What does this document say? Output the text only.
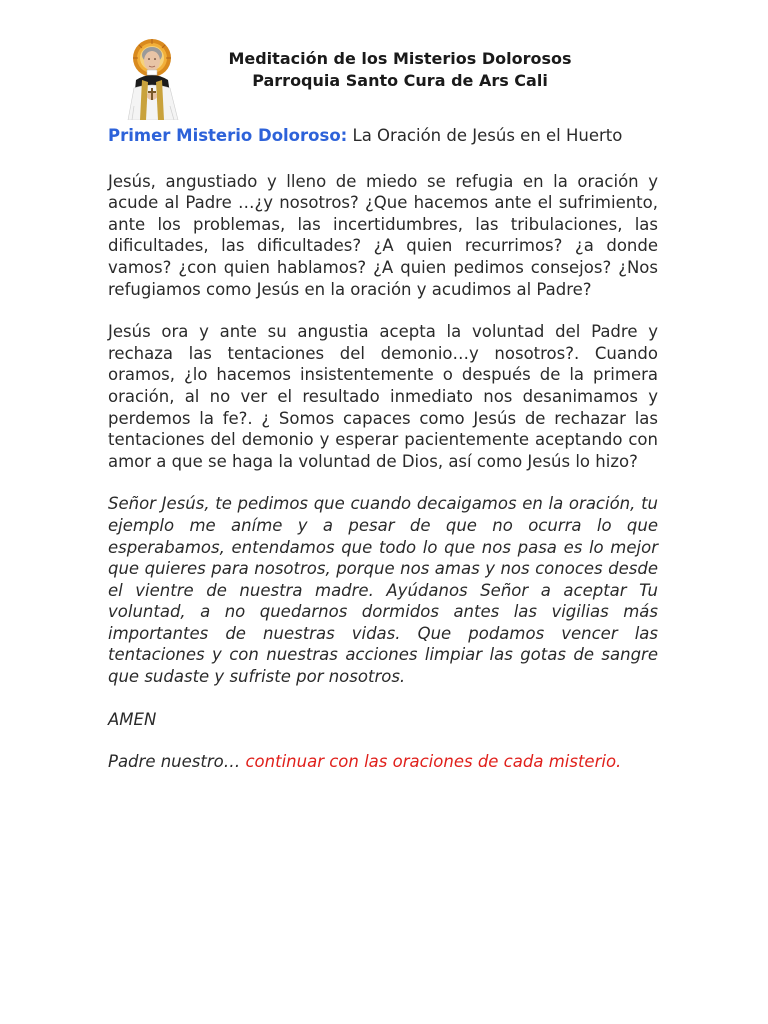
Meditación de los Misterios Dolorosos
Parroquia Santo Cura de Ars Cali
Primer Misterio Doloroso: La Oración de Jesús en el Huerto

Jesús, angustiado y lleno de miedo se refugia en la oración y acude al Padre …¿y nosotros? ¿Que hacemos ante el sufrimiento, ante los problemas, las incertidumbres, las tribulaciones, las dificultades, las dificultades? ¿A quien recurrimos? ¿a donde vamos? ¿con quien hablamos? ¿A quien pedimos consejos? ¿Nos refugiamos como Jesús en la oración y acudimos al Padre?

Jesús ora y ante su angustia acepta la voluntad del Padre y rechaza las tentaciones del demonio…y nosotros?. Cuando oramos, ¿lo hacemos insistentemente o después de la primera oración, al no ver el resultado inmediato nos desanimamos y perdemos la fe?. ¿ Somos capaces como Jesús de rechazar las tentaciones del demonio y esperar pacientemente aceptando con amor a que se haga la voluntad de Dios, así como Jesús lo hizo?

Señor Jesús, te pedimos que cuando decaigamos en la oración, tu ejemplo me aníme y a pesar de que no ocurra lo que esperabamos, entendamos que todo lo que nos pasa es lo mejor que quieres para nosotros, porque nos amas y nos conoces desde el vientre de nuestra madre. Ayúdanos Señor a aceptar Tu voluntad, a no quedarnos dormidos antes las vigilias más importantes de nuestras vidas. Que podamos vencer las tentaciones y con nuestras acciones limpiar las gotas de sangre que sudaste y sufriste por nosotros.

AMEN

Padre nuestro… continuar con las oraciones de cada misterio.
